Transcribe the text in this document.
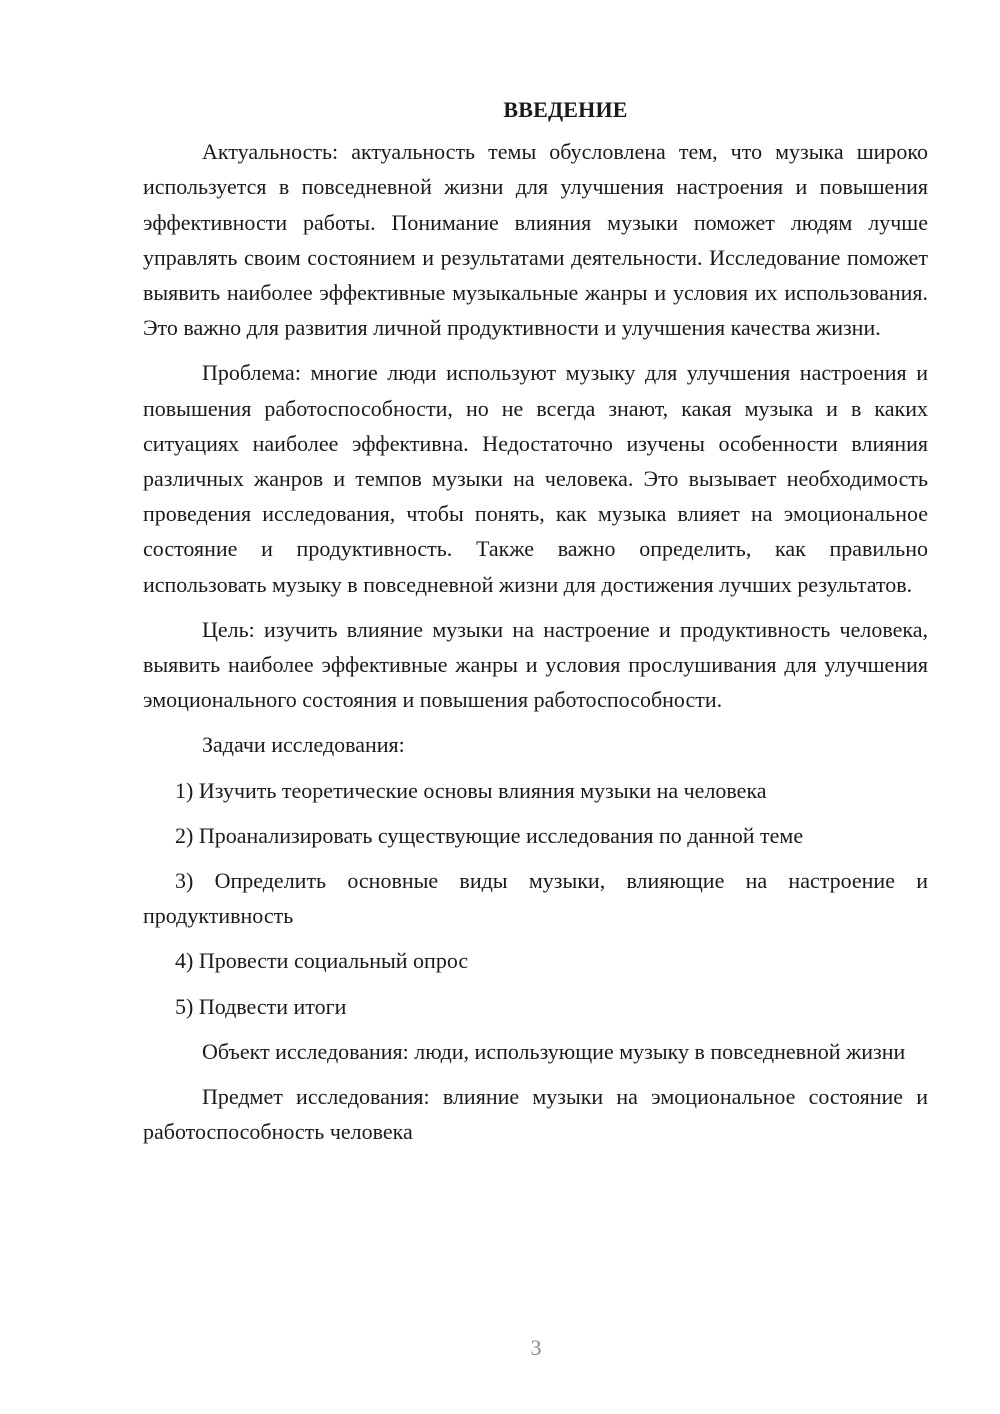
ВВЕДЕНИЕ

Актуальность: актуальность темы обусловлена тем, что музыка широко используется в повседневной жизни для улучшения настроения и повышения эффективности работы. Понимание влияния музыки поможет людям лучше управлять своим состоянием и результатами деятельности. Исследование поможет выявить наиболее эффективные музыкальные жанры и условия их использования. Это важно для развития личной продуктивности и улучшения качества жизни.

Проблема: многие люди используют музыку для улучшения настроения и повышения работоспособности, но не всегда знают, какая музыка и в каких ситуациях наиболее эффективна. Недостаточно изучены особенности влияния различных жанров и темпов музыки на человека. Это вызывает необходимость проведения исследования, чтобы понять, как музыка влияет на эмоциональное состояние и продуктивность. Также важно определить, как правильно использовать музыку в повседневной жизни для достижения лучших результатов.

Цель: изучить влияние музыки на настроение и продуктивность человека, выявить наиболее эффективные жанры и условия прослушивания для улучшения эмоционального состояния и повышения работоспособности.

Задачи исследования:

1) Изучить теоретические основы влияния музыки на человека

2) Проанализировать существующие исследования по данной теме

3) Определить основные виды музыки, влияющие на настроение и продуктивность

4) Провести социальный опрос

5) Подвести итоги

Объект исследования: люди, использующие музыку в повседневной жизни

Предмет исследования: влияние музыки на эмоциональное состояние и работоспособность человека

3
